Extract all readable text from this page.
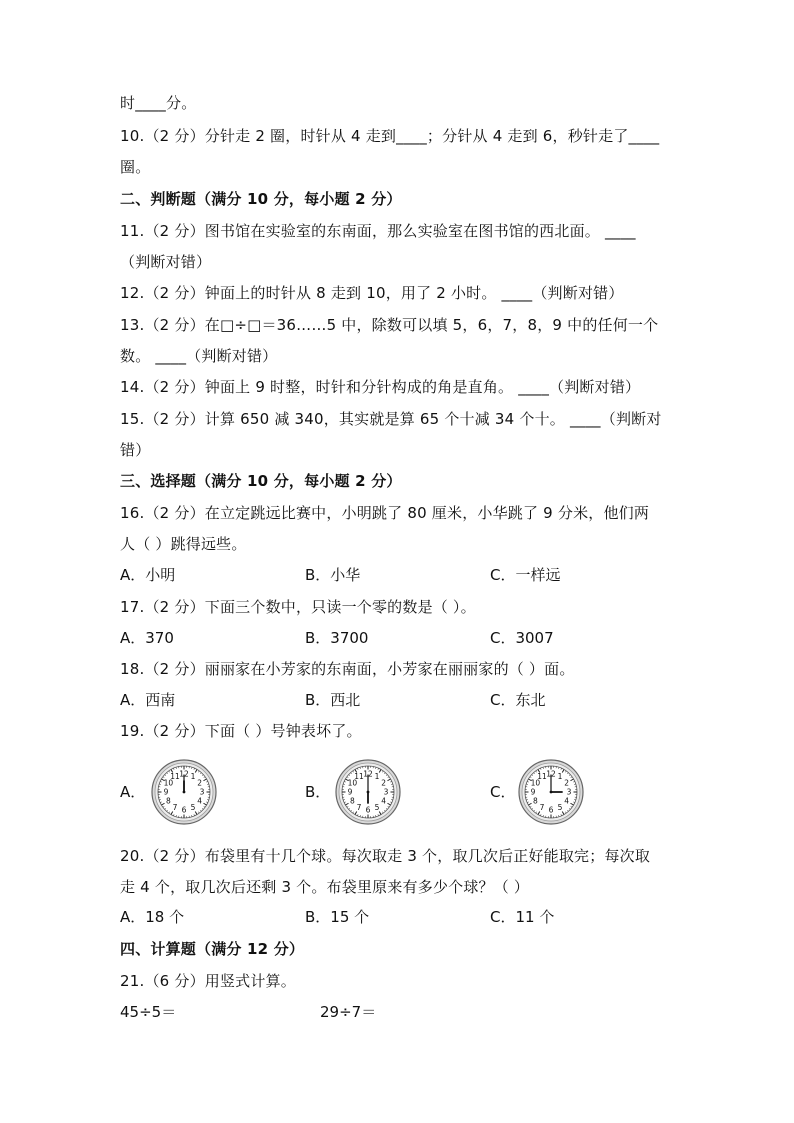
时____分。
10.（2 分）分针走 2 圈，时针从 4 走到____；分针从 4 走到 6，秒针走了____
圈。
二、判断题（满分 10 分，每小题 2 分）
11.（2 分）图书馆在实验室的东南面，那么实验室在图书馆的西北面。 ____
（判断对错）
12.（2 分）钟面上的时针从 8 走到 10，用了 2 小时。 ____（判断对错）
13.（2 分）在□÷□＝36……5 中，除数可以填 5，6，7，8，9 中的任何一个
数。 ____（判断对错）
14.（2 分）钟面上 9 时整，时针和分针构成的角是直角。 ____（判断对错）
15.（2 分）计算 650 减 340，其实就是算 65 个十减 34 个十。 ____（判断对
错）
三、选择题（满分 10 分，每小题 2 分）
16.（2 分）在立定跳远比赛中，小明跳了 80 厘米，小华跳了 9 分米，他们两
人（ ）跳得远些。
A．小明	B．小华	C．一样远
17.（2 分）下面三个数中，只读一个零的数是（ ）。
A．370	B．3700	C．3007
18.（2 分）丽丽家在小芳家的东南面，小芳家在丽丽家的（ ）面。
A．西南	B．西北	C．东北
19.（2 分）下面（ ）号钟表坏了。
A．
1
2
3
4
5
6
7
8
9
10
11 12
B．
1
2
3
4
5
6
7
8
9
10
11 12
C．
1
2
3
4
5
6
7
8
9
10
11 12
20.（2 分）布袋里有十几个球。每次取走 3 个，取几次后正好能取完；每次取
走 4 个，取几次后还剩 3 个。布袋里原来有多少个球？（ ）
A．18 个	B．15 个	C．11 个
四、计算题（满分 12 分）
21.（6 分）用竖式计算。
45÷5＝	29÷7＝
